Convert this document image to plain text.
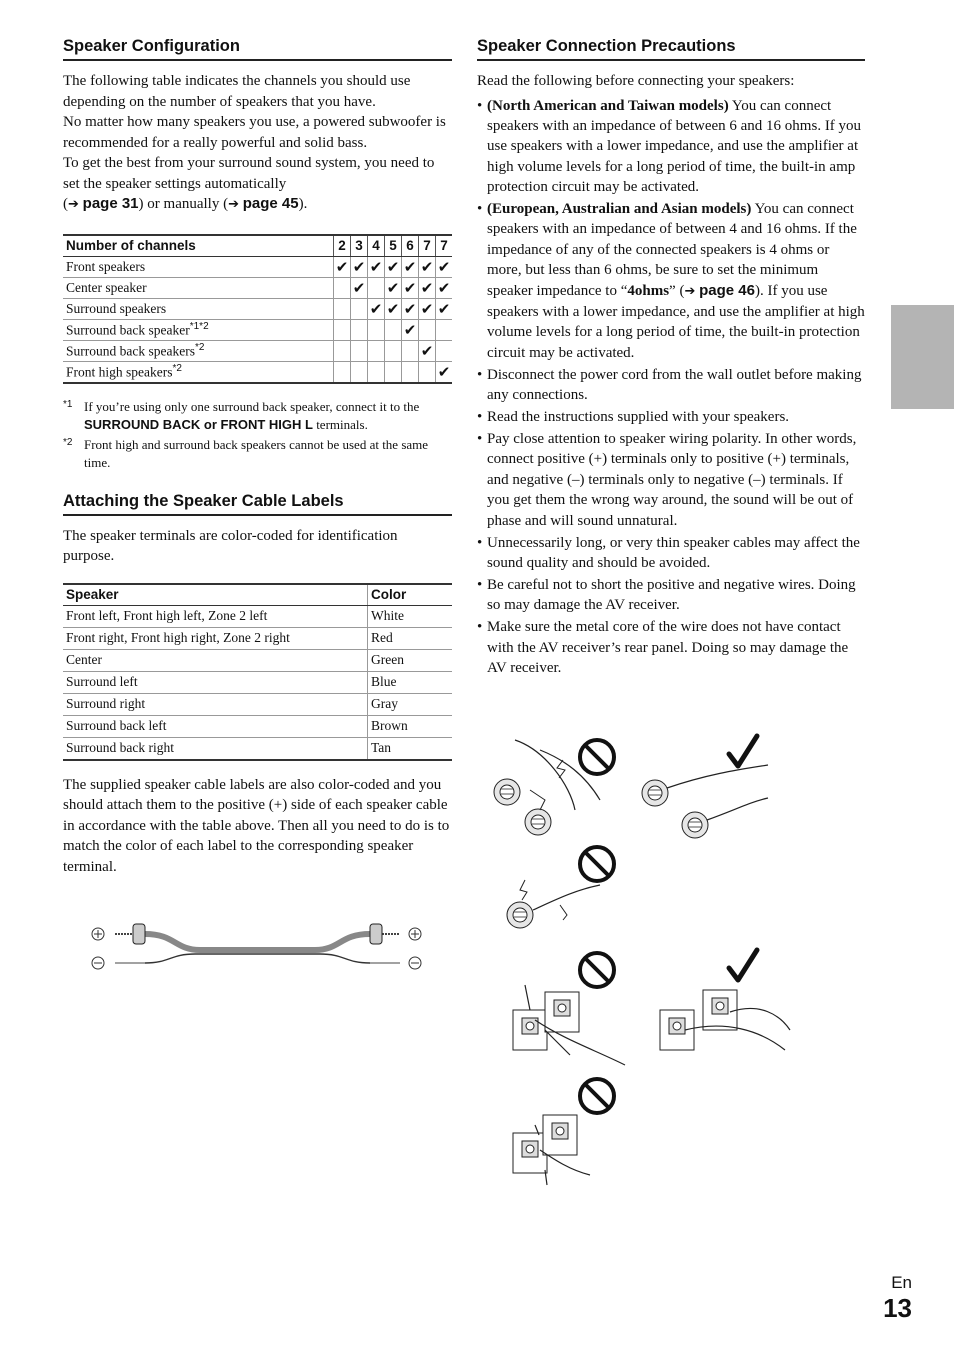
Speaker Configuration

The following table indicates the channels you should use depending on the number of speakers that you have.

No matter how many speakers you use, a powered subwoofer is recommended for a really powerful and solid bass.

To get the best from your surround sound system, you need to set the speaker settings automatically
(➔ page 31) or manually (➔ page 45).

Number of channels	2	3	4	5	6	7	7
Front speakers	✔	✔	✔	✔	✔	✔	✔
Center speaker		✔		✔	✔	✔	✔
Surround speakers			✔	✔	✔	✔	✔
Surround back speaker$^{*1*2}$					✔		
Surround back speakers$^{*2}$						✔	
Front high speakers$^{*2}$							✔
*1 If you’re using only one surround back speaker, connect it to the SURROUND BACK or FRONT HIGH L terminals.
*2 Front high and surround back speakers cannot be used at the same time.
Attaching the Speaker Cable Labels

The speaker terminals are color-coded for identification purpose.

Speaker	Color
Front left, Front high left, Zone 2 left	White
Front right, Front high right, Zone 2 right	Red
Center	Green
Surround left	Blue
Surround right	Gray
Surround back left	Brown
Surround back right	Tan

The supplied speaker cable labels are also color-coded and you should attach them to the positive (+) side of each speaker cable in accordance with the table above. Then all you need to do is to match the color of each label to the corresponding speaker terminal.

Speaker Connection Precautions

Read the following before connecting your speakers:

• (North American and Taiwan models) You can connect speakers with an impedance of between 6 and 16 ohms. If you use speakers with a lower impedance, and use the amplifier at high volume levels for a long period of time, the built-in amp protection circuit may be activated.
• (European, Australian and Asian models) You can connect speakers with an impedance of between 4 and 16 ohms. If the impedance of any of the connected speakers is 4 ohms or more, but less than 6 ohms, be sure to set the minimum speaker impedance to “4ohms” (➔ page 46). If you use speakers with a lower impedance, and use the amplifier at high volume levels for a long period of time, the built-in protection circuit may be activated.
• Disconnect the power cord from the wall outlet before making any connections.
• Read the instructions supplied with your speakers.
• Pay close attention to speaker wiring polarity. In other words, connect positive (+) terminals only to positive (+) terminals, and negative (–) terminals only to negative (–) terminals. If you get them the wrong way around, the sound will be out of phase and will sound unnatural.
• Unnecessarily long, or very thin speaker cables may affect the sound quality and should be avoided.
• Be careful not to short the positive and negative wires. Doing so may damage the AV receiver.
• Make sure the metal core of the wire does not have contact with the AV receiver’s rear panel. Doing so may damage the AV receiver.
En
13
